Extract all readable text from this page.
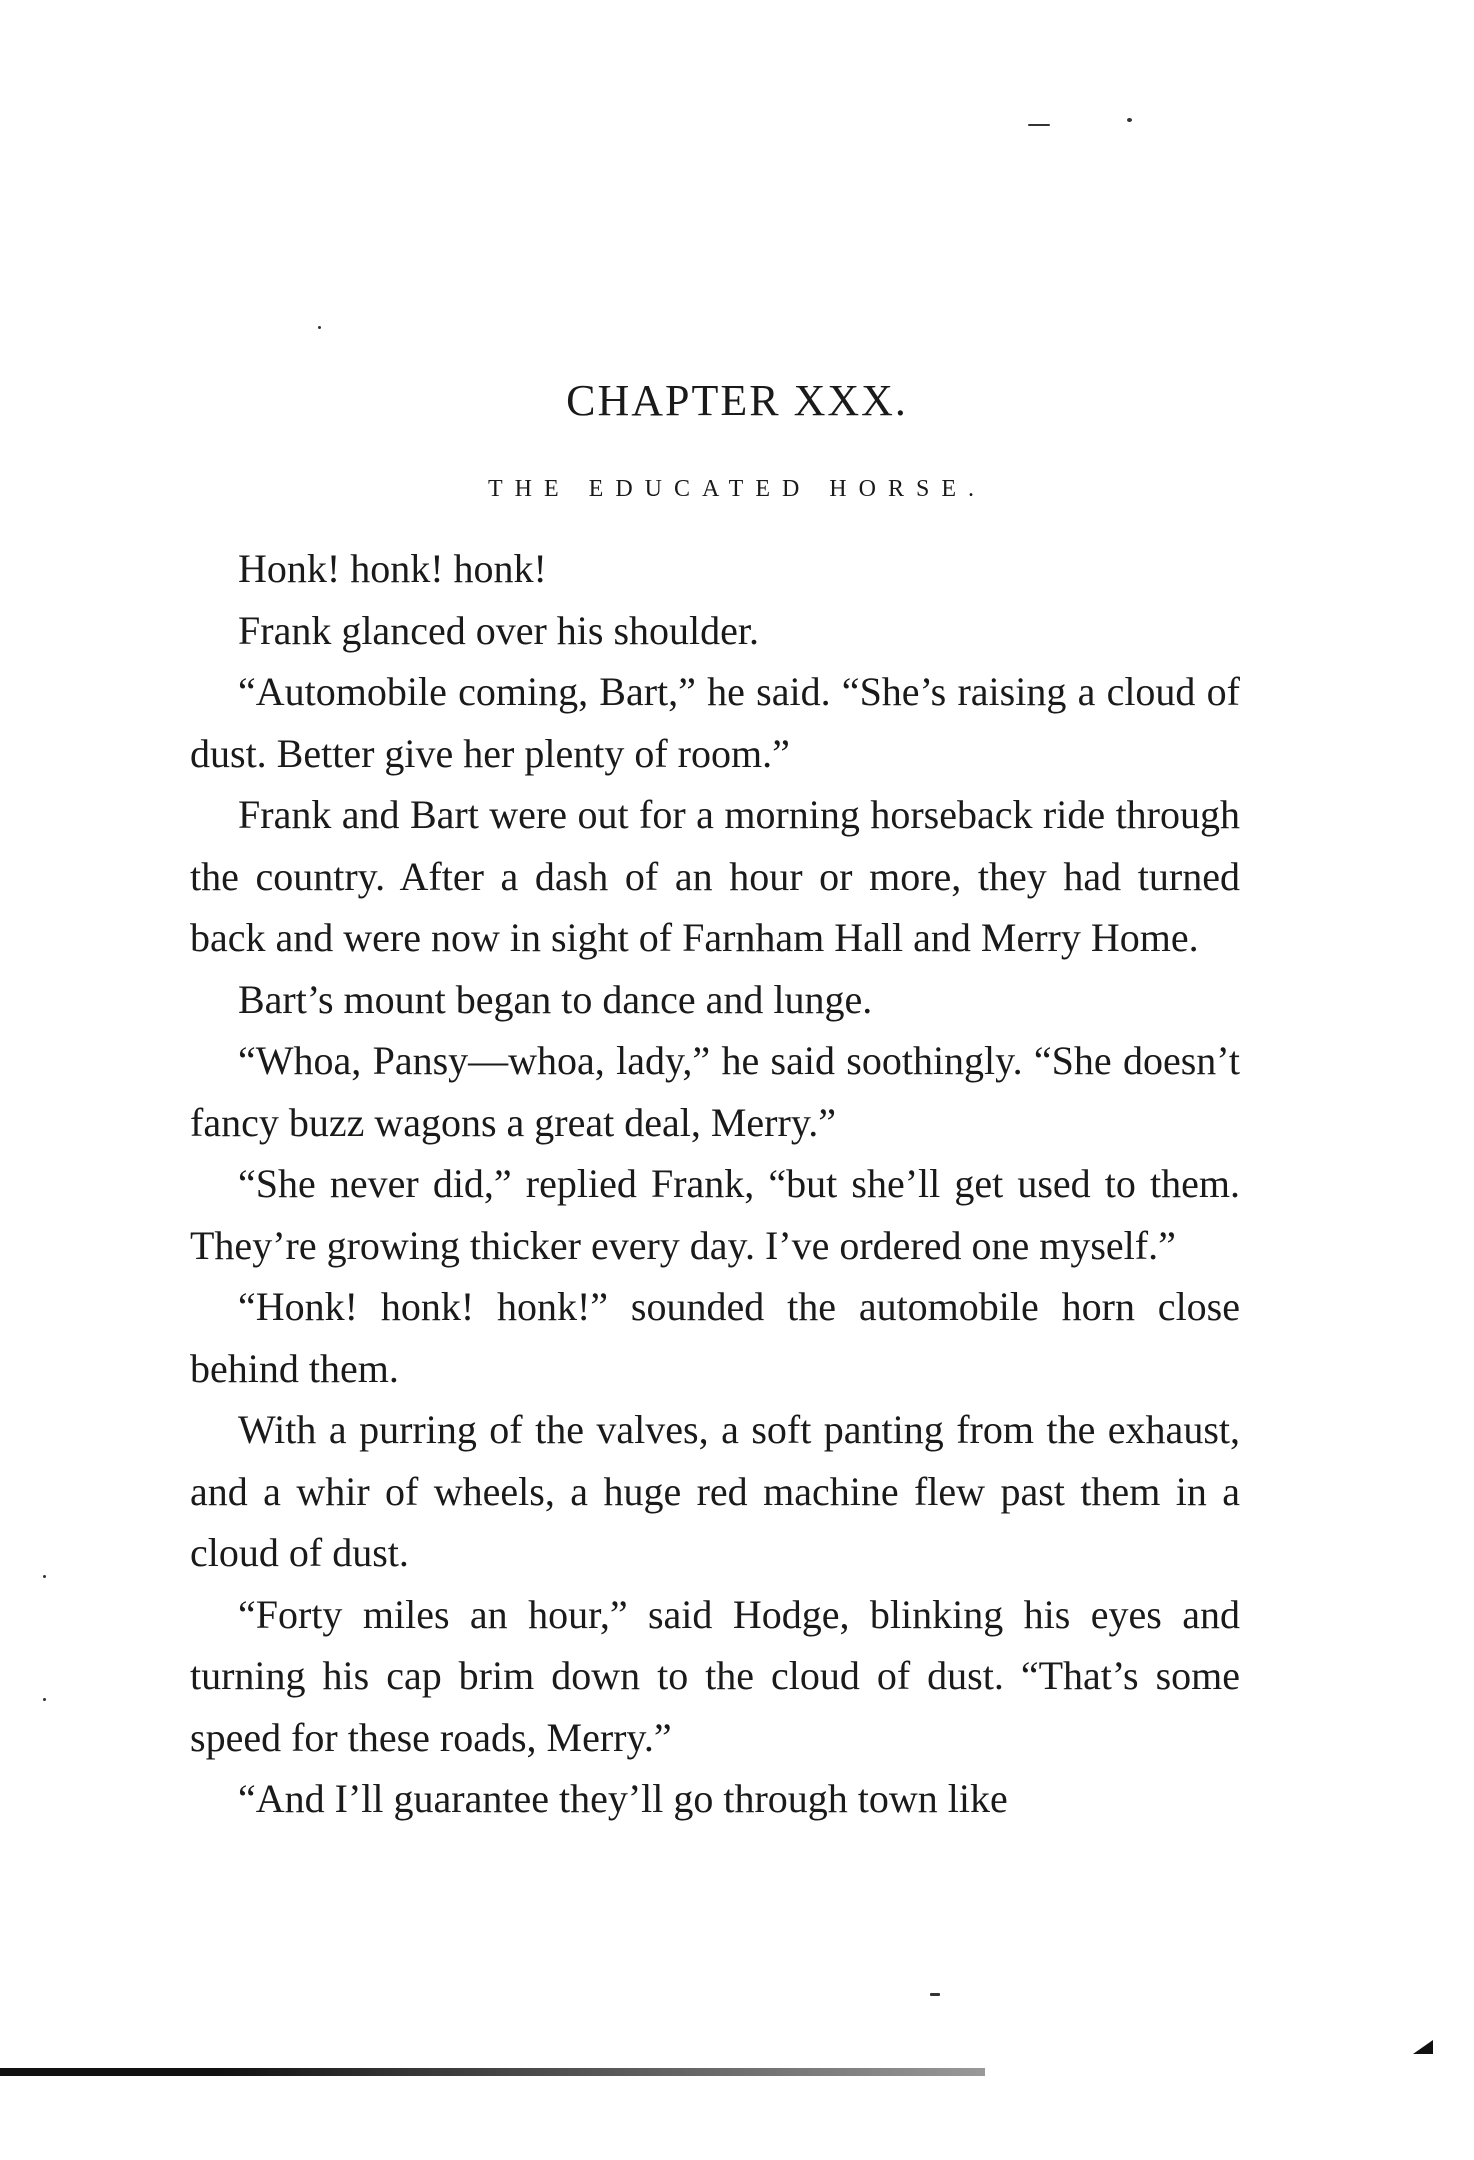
CHAPTER XXX.
THE EDUCATED HORSE.

Honk! honk! honk!

Frank glanced over his shoulder.

“Automobile coming, Bart,” he said. “She’s raising a cloud of dust. Better give her plenty of room.”

Frank and Bart were out for a morning horseback ride through the country. After a dash of an hour or more, they had turned back and were now in sight of Farnham Hall and Merry Home.

Bart’s mount began to dance and lunge.

“Whoa, Pansy—whoa, lady,” he said soothingly. “She doesn’t fancy buzz wagons a great deal, Merry.”

“She never did,” replied Frank, “but she’ll get used to them. They’re growing thicker every day. I’ve ordered one myself.”

“Honk! honk! honk!” sounded the automobile horn close behind them.

With a purring of the valves, a soft panting from the exhaust, and a whir of wheels, a huge red machine flew past them in a cloud of dust.

“Forty miles an hour,” said Hodge, blinking his eyes and turning his cap brim down to the cloud of dust. “That’s some speed for these roads, Merry.”

“And I’ll guarantee they’ll go through town like
